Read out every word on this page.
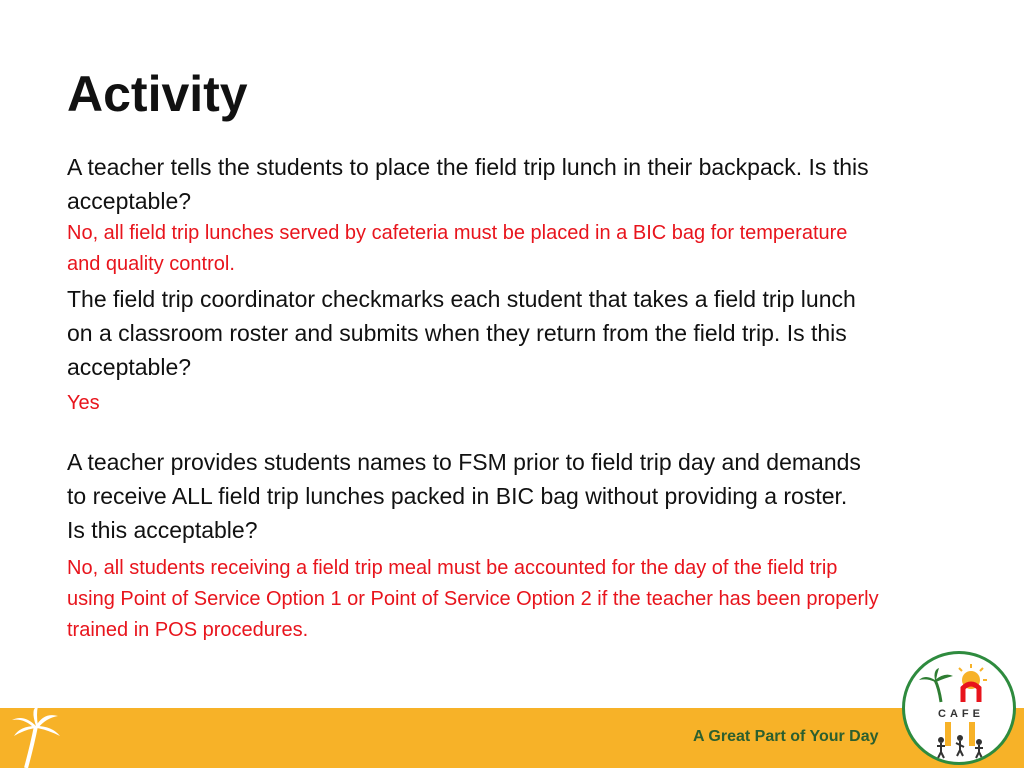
Activity

A teacher tells the students to place the field trip lunch in their backpack. Is this acceptable?

No, all field trip lunches served by cafeteria must be placed in a BIC bag for temperature and quality control.

The field trip coordinator checkmarks each student that takes a field trip lunch on a classroom roster and submits when they return from the field trip. Is this acceptable?

Yes

A teacher provides students names to FSM prior to field trip day and demands to receive ALL field trip lunches packed in BIC bag without providing a roster. Is this acceptable?

No, all students receiving a field trip meal must be accounted for the day of the field trip using Point of Service Option 1 or Point of Service Option 2 if the teacher has been properly trained in POS procedures.

A Great Part of Your Day
CAFE
